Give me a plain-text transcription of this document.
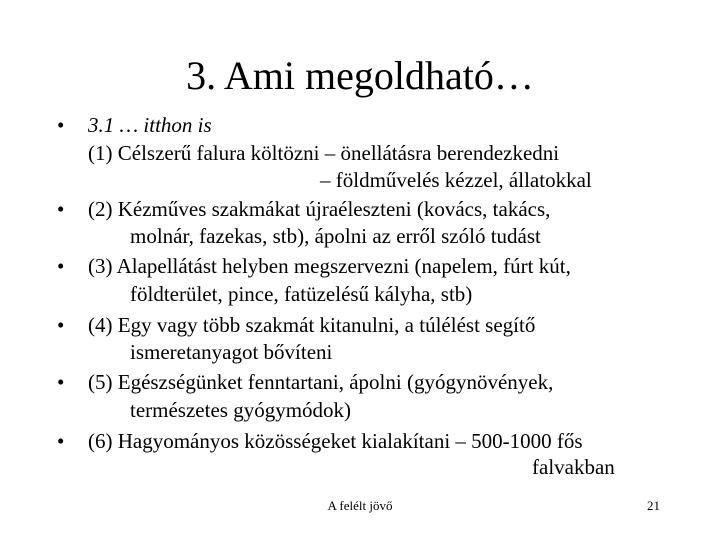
3. Ami megoldható…
• 3.1 … itthon is
(1) Célszerű falura költözni – önellátásra berendezkedni
– földművelés kézzel, állatokkal
• (2) Kézműves szakmákat újraéleszteni (kovács, takács,
molnár, fazekas, stb), ápolni az erről szóló tudást
• (3) Alapellátást helyben megszervezni (napelem, fúrt kút,
földterület, pince, fatüzelésű kályha, stb)
• (4) Egy vagy több szakmát kitanulni, a túlélést segítő
ismeretanyagot bővíteni
• (5) Egészségünket fenntartani, ápolni (gyógynövények,
természetes gyógymódok)
• (6) Hagyományos közösségeket kialakítani – 500-1000 fős
falvakban
A felélt jövő	21
